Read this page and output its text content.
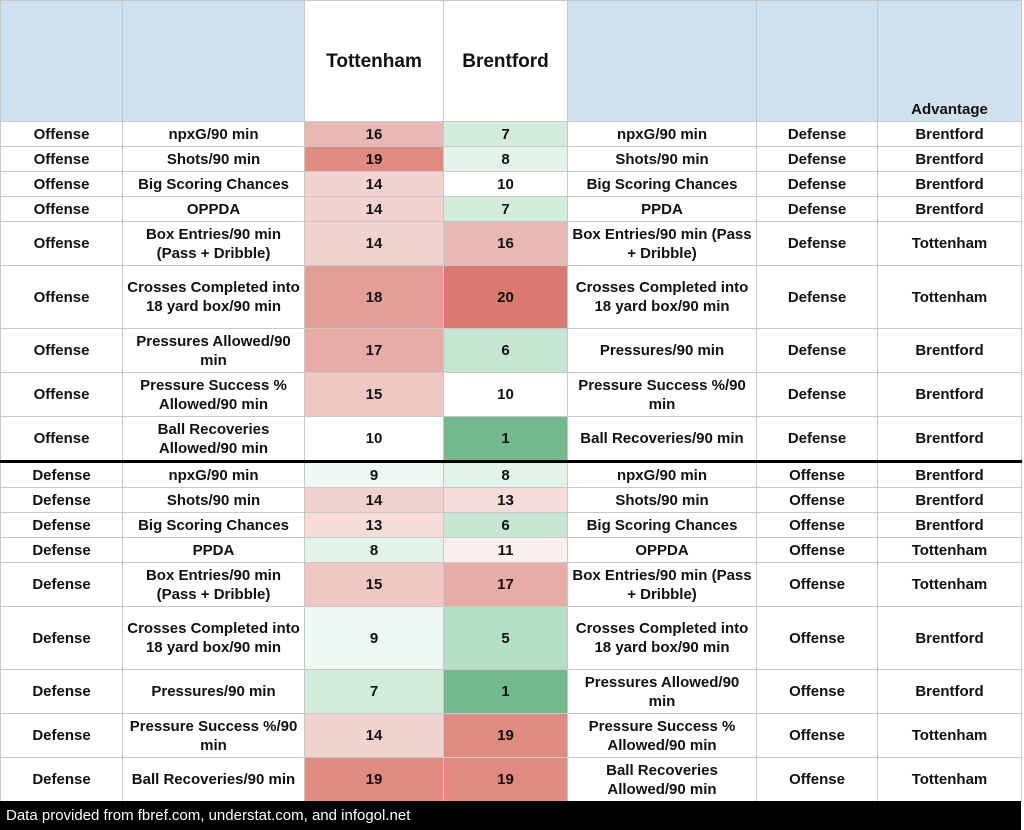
		Tottenham	Brentford			Advantage
Offense	npxG/90 min	16	7	npxG/90 min	Defense	Brentford
Offense	Shots/90 min	19	8	Shots/90 min	Defense	Brentford
Offense	Big Scoring Chances	14	10	Big Scoring Chances	Defense	Brentford
Offense	OPPDA	14	7	PPDA	Defense	Brentford
Offense	Box Entries/90 min (Pass + Dribble)	14	16	Box Entries/90 min (Pass + Dribble)	Defense	Tottenham
Offense	Crosses Completed into 18 yard box/90 min	18	20	Crosses Completed into 18 yard box/90 min	Defense	Tottenham
Offense	Pressures Allowed/90 min	17	6	Pressures/90 min	Defense	Brentford
Offense	Pressure Success % Allowed/90 min	15	10	Pressure Success %/90 min	Defense	Brentford
Offense	Ball Recoveries Allowed/90 min	10	1	Ball Recoveries/90 min	Defense	Brentford
Defense	npxG/90 min	9	8	npxG/90 min	Offense	Brentford
Defense	Shots/90 min	14	13	Shots/90 min	Offense	Brentford
Defense	Big Scoring Chances	13	6	Big Scoring Chances	Offense	Brentford
Defense	PPDA	8	11	OPPDA	Offense	Tottenham
Defense	Box Entries/90 min (Pass + Dribble)	15	17	Box Entries/90 min (Pass + Dribble)	Offense	Tottenham
Defense	Crosses Completed into 18 yard box/90 min	9	5	Crosses Completed into 18 yard box/90 min	Offense	Brentford
Defense	Pressures/90 min	7	1	Pressures Allowed/90 min	Offense	Brentford
Defense	Pressure Success %/90 min	14	19	Pressure Success % Allowed/90 min	Offense	Tottenham
Defense	Ball Recoveries/90 min	19	19	Ball Recoveries Allowed/90 min	Offense	Tottenham
Data provided from fbref.com, understat.com, and infogol.net
